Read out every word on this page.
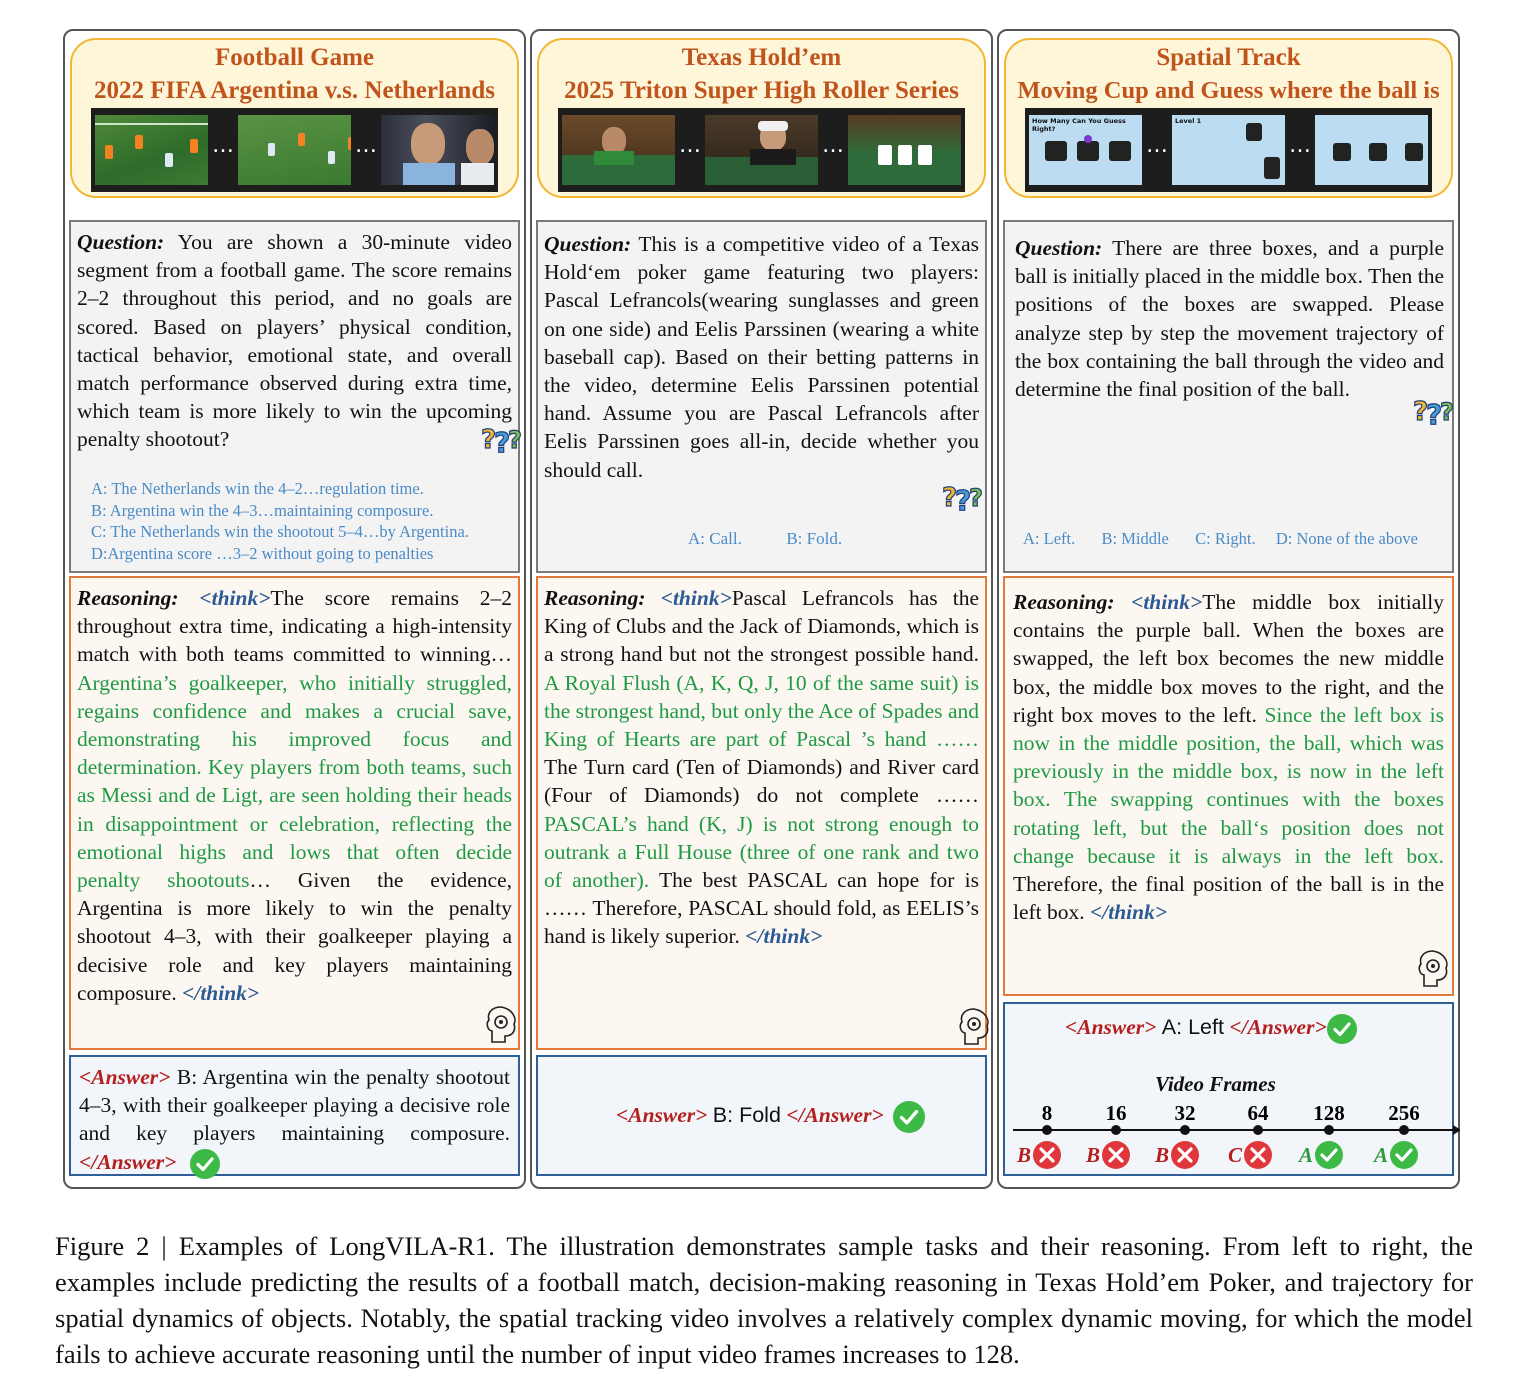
Football Game
2022 FIFA Argentina v.s. Netherlands
…	…
Question: You are shown a 30-minute video segment from a football game. The score remains 2–2 throughout this period, and no goals are scored. Based on players’ physical condition, tactical behavior, emotional state, and overall match performance observed during extra time, which team is more likely to win the upcoming penalty shootout?	?
?
?
A: The Netherlands win the 4–2…regulation time.
B: Argentina win the 4–3…maintaining composure.
C: The Netherlands win the shootout 5–4…by Argentina.
D:Argentina score …3–2 without going to penalties
Reasoning: <think>The score remains 2–2 throughout extra time, indicating a high-intensity match with both teams committed to winning… Argentina’s goalkeeper, who initially struggled, regains confidence and makes a crucial save, demonstrating his improved focus and determination. Key players from both teams, such as Messi and de Ligt, are seen holding their heads in disappointment or celebration, reflecting the emotional highs and lows that often decide penalty shootouts… Given the evidence, Argentina is more likely to win the penalty shootout 4–3, with their goalkeeper playing a decisive role and key players maintaining composure. </think>
<Answer> B: Argentina win the penalty shootout 4–3, with their goalkeeper playing a decisive role and key players maintaining composure. </Answer>
Texas Hold’em
2025 Triton Super High Roller Series
…	…
Question: This is a competitive video of a Texas Hold‘em poker game featuring two players: Pascal Lefrancols(wearing sunglasses and green on one side) and Eelis Parssinen (wearing a white baseball cap). Based on their betting patterns in the video, determine Eelis Parssinen potential hand. Assume you are Pascal Lefrancols after Eelis Parssinen goes all-in, decide whether you should call.
?
?
?
A: Call.	B: Fold.
Reasoning: <think>Pascal Lefrancols has the King of Clubs and the Jack of Diamonds, which is a strong hand but not the strongest possible hand. A Royal Flush (A, K, Q, J, 10 of the same suit) is the strongest hand, but only the Ace of Spades and King of Hearts are part of Pascal ’s hand …… The Turn card (Ten of Diamonds) and River card (Four of Diamonds) do not complete …… PASCAL’s hand (K, J) is not strong enough to outrank a Full House (three of one rank and two of another). The best PASCAL can hope for is …… Therefore, PASCAL should fold, as EELIS’s hand is likely superior. </think>
<Answer> B: Fold </Answer>
Spatial Track
Moving Cup and Guess where the ball is
How Many Can You Guess Right?
…
Level 1
…
Question: There are three boxes, and a purple ball is initially placed in the middle box. Then the positions of the boxes are swapped. Please analyze step by step the movement trajectory of the box containing the ball through the video and determine the final position of the ball.
?
?
?
A: Left. B: Middle C: Right. D: None of the above
Reasoning: <think>The middle box initially contains the purple ball. When the boxes are swapped, the left box becomes the new middle box, the middle box moves to the right, and the right box moves to the left. Since the left box is now in the middle position, the ball, which was previously in the middle box, is now in the left box. The swapping continues with the boxes rotating left, but the ball‘s position does not change because it is always in the left box. Therefore, the final position of the ball is in the left box. </think>
<Answer> A: Left </Answer>
Video Frames
8
B
16
B
32
B
64
C
128
A
256
A
Figure 2 | Examples of LongVILA-R1. The illustration demonstrates sample tasks and their reasoning. From left to right, the examples include predicting the results of a football match, decision-making reasoning in Texas Hold’em Poker, and trajectory for spatial dynamics of objects. Notably, the spatial tracking video involves a relatively complex dynamic moving, for which the model fails to achieve accurate reasoning until the number of input video frames increases to 128.
